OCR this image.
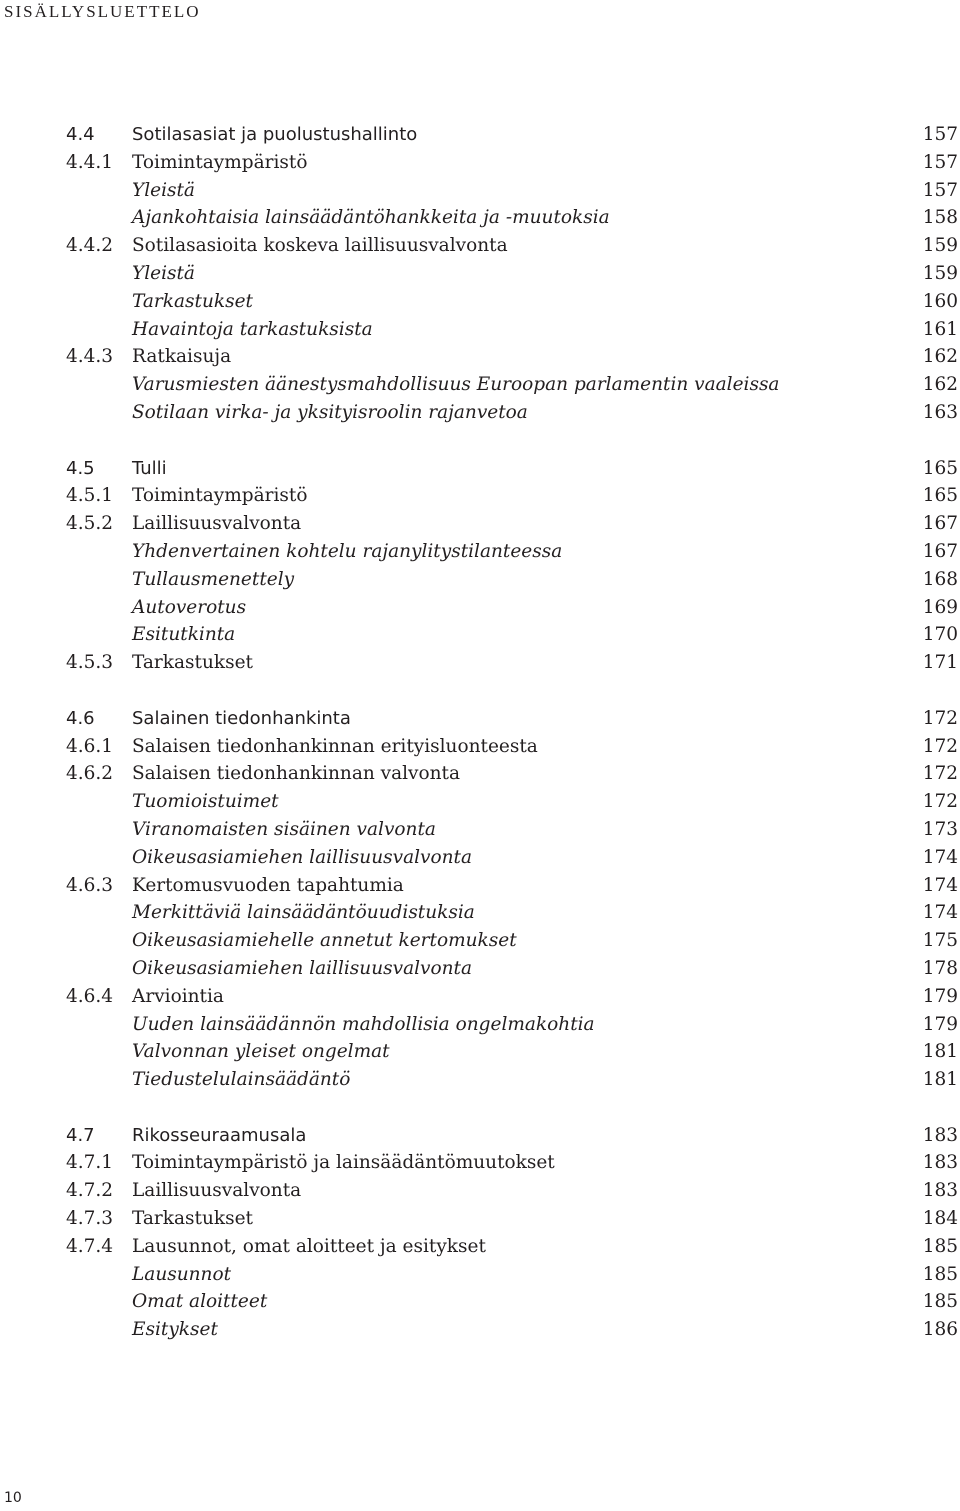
SISÄLLYSLUETTELO
4.4 Sotilasasiat ja puolustushallinto	157
4.4.1 Toimintaympäristö	157
Yleistä	157
Ajankohtaisia lainsäädäntöhankkeita ja -muutoksia	158
4.4.2 Sotilasasioita koskeva laillisuusvalvonta	159
Yleistä	159
Tarkastukset	160
Havaintoja tarkastuksista	161
4.4.3 Ratkaisuja	162
Varusmiesten äänestysmahdollisuus Euroopan parlamentin vaaleissa	162
Sotilaan virka- ja yksityisroolin rajanvetoa	163
4.5 Tulli	165
4.5.1 Toimintaympäristö	165
4.5.2 Laillisuusvalvonta	167
Yhdenvertainen kohtelu rajanylitystilanteessa	167
Tullausmenettely	168
Autoverotus	169
Esitutkinta	170
4.5.3 Tarkastukset	171
4.6 Salainen tiedonhankinta	172
4.6.1 Salaisen tiedonhankinnan erityisluonteesta	172
4.6.2 Salaisen tiedonhankinnan valvonta	172
Tuomioistuimet	172
Viranomaisten sisäinen valvonta	173
Oikeusasiamiehen laillisuusvalvonta	174
4.6.3 Kertomusvuoden tapahtumia	174
Merkittäviä lainsäädäntöuudistuksia	174
Oikeusasiamiehelle annetut kertomukset	175
Oikeusasiamiehen laillisuusvalvonta	178
4.6.4 Arviointia	179
Uuden lainsäädännön mahdollisia ongelmakohtia	179
Valvonnan yleiset ongelmat	181
Tiedustelulainsäädäntö	181
4.7 Rikosseuraamusala	183
4.7.1 Toimintaympäristö ja lainsäädäntömuutokset	183
4.7.2 Laillisuusvalvonta	183
4.7.3 Tarkastukset	184
4.7.4 Lausunnot, omat aloitteet ja esitykset	185
Lausunnot	185
Omat aloitteet	185
Esitykset	186
10
